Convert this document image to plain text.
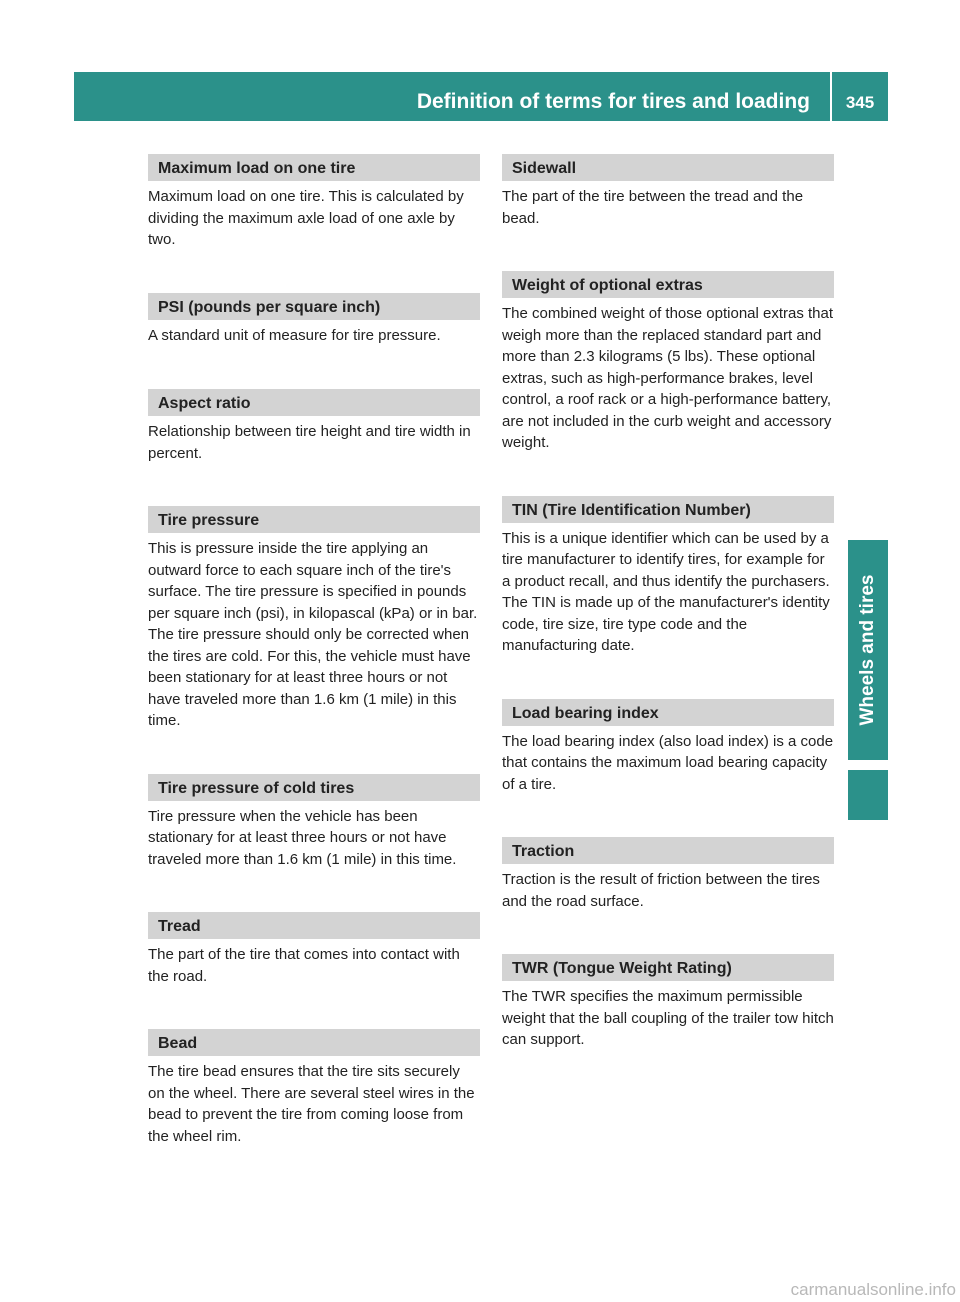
Definition of terms for tires and loading	345
Wheels and tires
Maximum load on one tire

Maximum load on one tire. This is calculated by dividing the maximum axle load of one axle by two.

PSI (pounds per square inch)

A standard unit of measure for tire pressure.

Aspect ratio

Relationship between tire height and tire width in percent.

Tire pressure

This is pressure inside the tire applying an outward force to each square inch of the tire's surface. The tire pressure is specified in pounds per square inch (psi), in kilopascal (kPa) or in bar. The tire pressure should only be corrected when the tires are cold. For this, the vehicle must have been stationary for at least three hours or not have traveled more than 1.6 km (1 mile) in this time.

Tire pressure of cold tires

Tire pressure when the vehicle has been stationary for at least three hours or not have traveled more than 1.6 km (1 mile) in this time.

Tread

The part of the tire that comes into contact with the road.

Bead

The tire bead ensures that the tire sits securely on the wheel. There are several steel wires in the bead to prevent the tire from coming loose from the wheel rim.

Sidewall

The part of the tire between the tread and the bead.

Weight of optional extras

The combined weight of those optional extras that weigh more than the replaced standard part and more than 2.3 kilograms (5 lbs). These optional extras, such as high-performance brakes, level control, a roof rack or a high-performance battery, are not included in the curb weight and accessory weight.

TIN (Tire Identification Number)

This is a unique identifier which can be used by a tire manufacturer to identify tires, for example for a product recall, and thus identify the purchasers. The TIN is made up of the manufacturer's identity code, tire size, tire type code and the manufacturing date.

Load bearing index

The load bearing index (also load index) is a code that contains the maximum load bearing capacity of a tire.

Traction

Traction is the result of friction between the tires and the road surface.

TWR (Tongue Weight Rating)

The TWR specifies the maximum permissible weight that the ball coupling of the trailer tow hitch can support.

carmanualsonline.info
